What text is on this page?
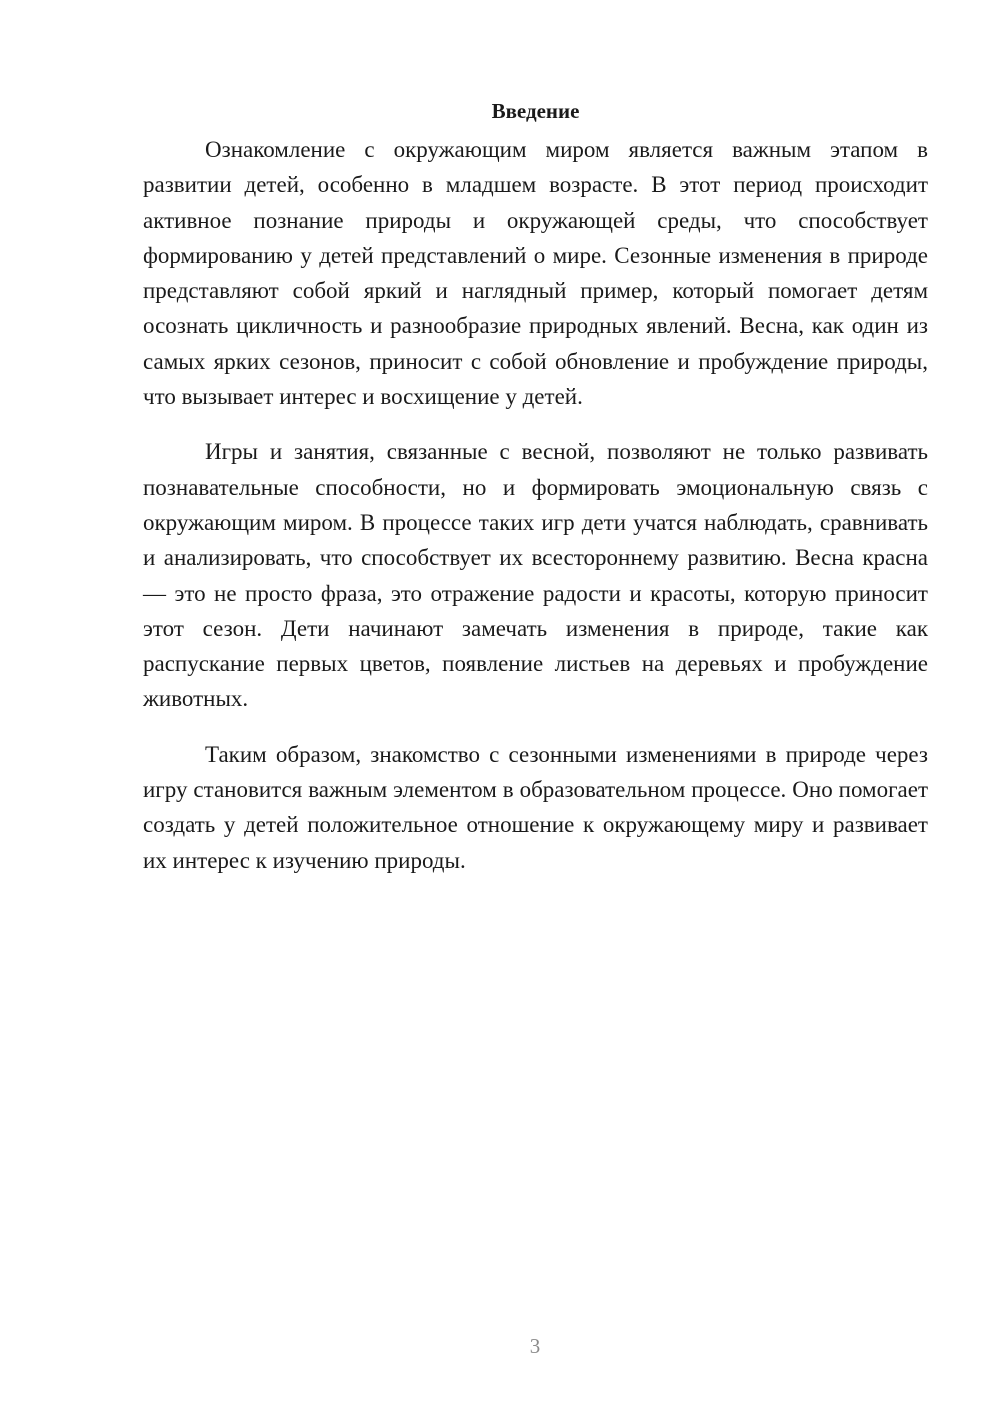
Введение

Ознакомление с окружающим миром является важным этапом в развитии детей, особенно в младшем возрасте. В этот период происходит активное познание природы и окружающей среды, что способствует формированию у детей представлений о мире. Сезонные изменения в природе представляют собой яркий и наглядный пример, который помогает детям осознать цикличность и разнообразие природных явлений. Весна, как один из самых ярких сезонов, приносит с собой обновление и пробуждение природы, что вызывает интерес и восхищение у детей.

Игры и занятия, связанные с весной, позволяют не только развивать познавательные способности, но и формировать эмоциональную связь с окружающим миром. В процессе таких игр дети учатся наблюдать, сравнивать и анализировать, что способствует их всестороннему развитию. Весна красна — это не просто фраза, это отражение радости и красоты, которую приносит этот сезон. Дети начинают замечать изменения в природе, такие как распускание первых цветов, появление листьев на деревьях и пробуждение животных.

Таким образом, знакомство с сезонными изменениями в природе через игру становится важным элементом в образовательном процессе. Оно помогает создать у детей положительное отношение к окружающему миру и развивает их интерес к изучению природы.

3
